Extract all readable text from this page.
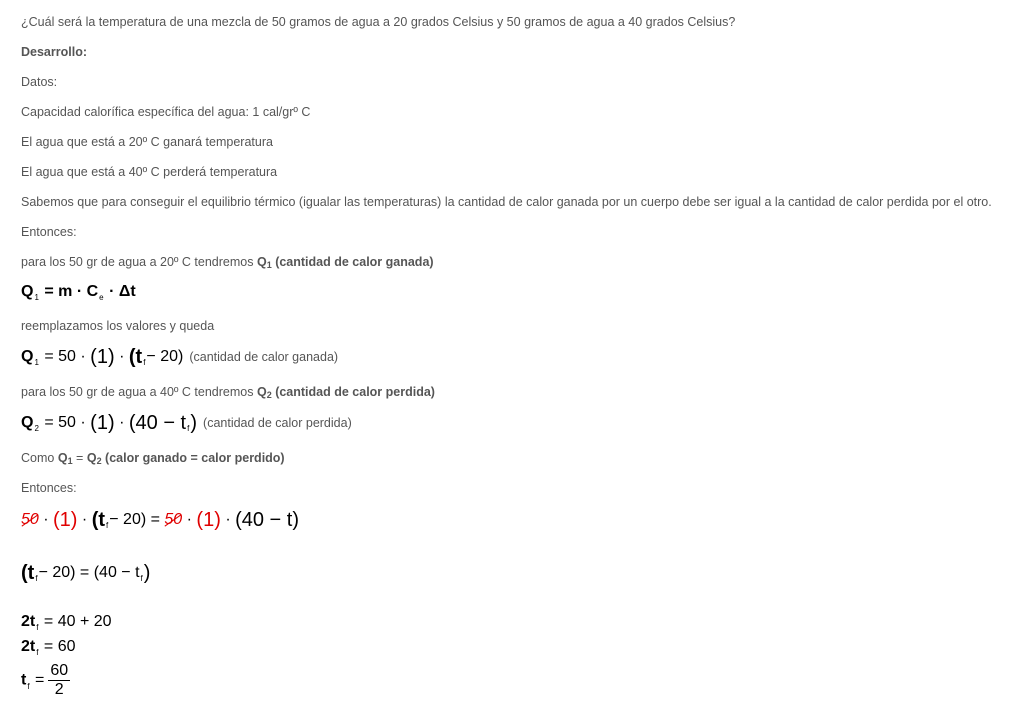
¿Cuál será la temperatura de una mezcla de 50 gramos de agua a 20 grados Celsius y 50 gramos de agua a 40 grados Celsius?
Desarrollo:
Datos:
Capacidad calorífica específica del agua: 1 cal/grº C
El agua que está a 20º C ganará temperatura
El agua que está a 40º C perderá temperatura
Sabemos que para conseguir el equilibrio térmico (igualar las temperaturas) la cantidad de calor ganada por un cuerpo debe ser igual a la cantidad de calor perdida por el otro.
Entonces:
para los 50 gr de agua a 20º C tendremos $Q_1$ (cantidad de calor ganada)
$Q_1 = m \cdot C_e \cdot \Delta t$
reemplazamos los valores y queda
$Q_1 = 50 \cdot (1) \cdot (t_f- 20)$ (cantidad de calor ganada)
para los 50 gr de agua a 40º C tendremos $Q_2$ (cantidad de calor perdida)
$Q_2 = 50 \cdot (1) \cdot (40 - t_f)$ (cantidad de calor perdida)
Como $Q_1 = Q_2$ (calor ganado = calor perdido)
Entonces:
$50 \cdot (1) \cdot (t_f- 20) = 50 \cdot (1) \cdot (40 - t)$
$(t_f- 20) = (40 - t_f)$
$2t_f = 40 + 20$
$2t_f = 60$
$t_f = \frac{60}{2}$
